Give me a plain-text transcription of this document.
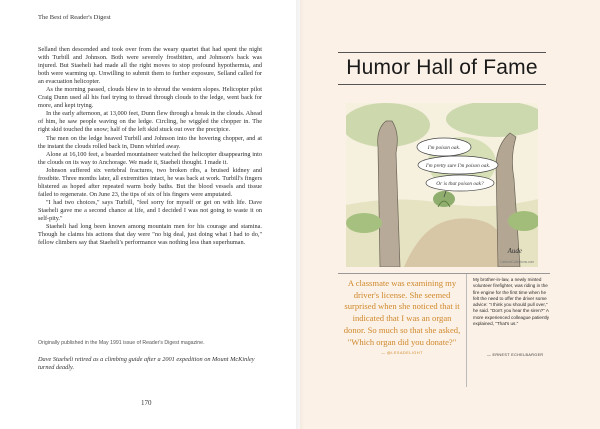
The Best of Reader's Digest

Selland then descended and took over from the weary quartet that had spent the night with Turbill and Johnson. Both were severely frostbitten, and Johnson's back was injured. But Staeheli had made all the right moves to stop profound hypothermia, and both were warming up. Unwilling to submit them to further exposure, Selland called for an evacuation helicopter.

As the morning passed, clouds blew in to shroud the western slopes. Helicopter pilot Craig Dunn used all his fuel trying to thread through clouds to the ledge, went back for more, and kept trying.

In the early afternoon, at 13,000 feet, Dunn flew through a break in the clouds. Ahead of him, he saw people waving on the ledge. Circling, he wiggled the chopper in. The right skid touched the snow; half of the left skid stuck out over the precipice.

The men on the ledge heaved Turbill and Johnson into the hovering chopper, and at the instant the clouds rolled back in, Dunn whirled away.

Alone at 16,100 feet, a bearded mountaineer watched the helicopter disappearing into the clouds on its way to Anchorage. We made it, Staeheli thought. I made it.

Johnson suffered six vertebral fractures, two broken ribs, a bruised kidney and frostbite. Three months later, all extremities intact, he was back at work. Turbill's fingers blistered as hoped after repeated warm body baths. But the blood vessels and tissue failed to regenerate. On June 23, the tips of six of his fingers were amputated.

"I had two choices," says Turbill, "feel sorry for myself or get on with life. Dave Staeheli gave me a second chance at life, and I decided I was not going to waste it on self-pity."

Staeheli had long been known among mountain men for his courage and stamina. Though he claims his actions that day were "no big deal, just doing what I had to do," fellow climbers say that Staeheli's performance was nothing less than superhuman.

Originally published in the May 1991 issue of Reader's Digest magazine.
Dave Staeheli retired as a climbing guide after a 2001 expedition on Mount McKinley turned deadly.
170
Humor Hall of Fame
I'm poison oak.
I'm pretty sure I'm poison oak.
Or is that poison oak?
Aude
CartoonCollections.com
A classmate was examining my driver's license. She seemed surprised when she noticed that it indicated that I was an organ donor. So much so that she asked, "Which organ did you donate?"
— @LESADELIGHT
My brother-in-law, a newly minted volunteer firefighter, was riding in the fire engine for the first time when he felt the need to offer the driver some advice: "I think you should pull over," he said. "Don't you hear the siren?" A more experienced colleague patiently explained, "That's us."
— ERNEST ECHELBARGER
